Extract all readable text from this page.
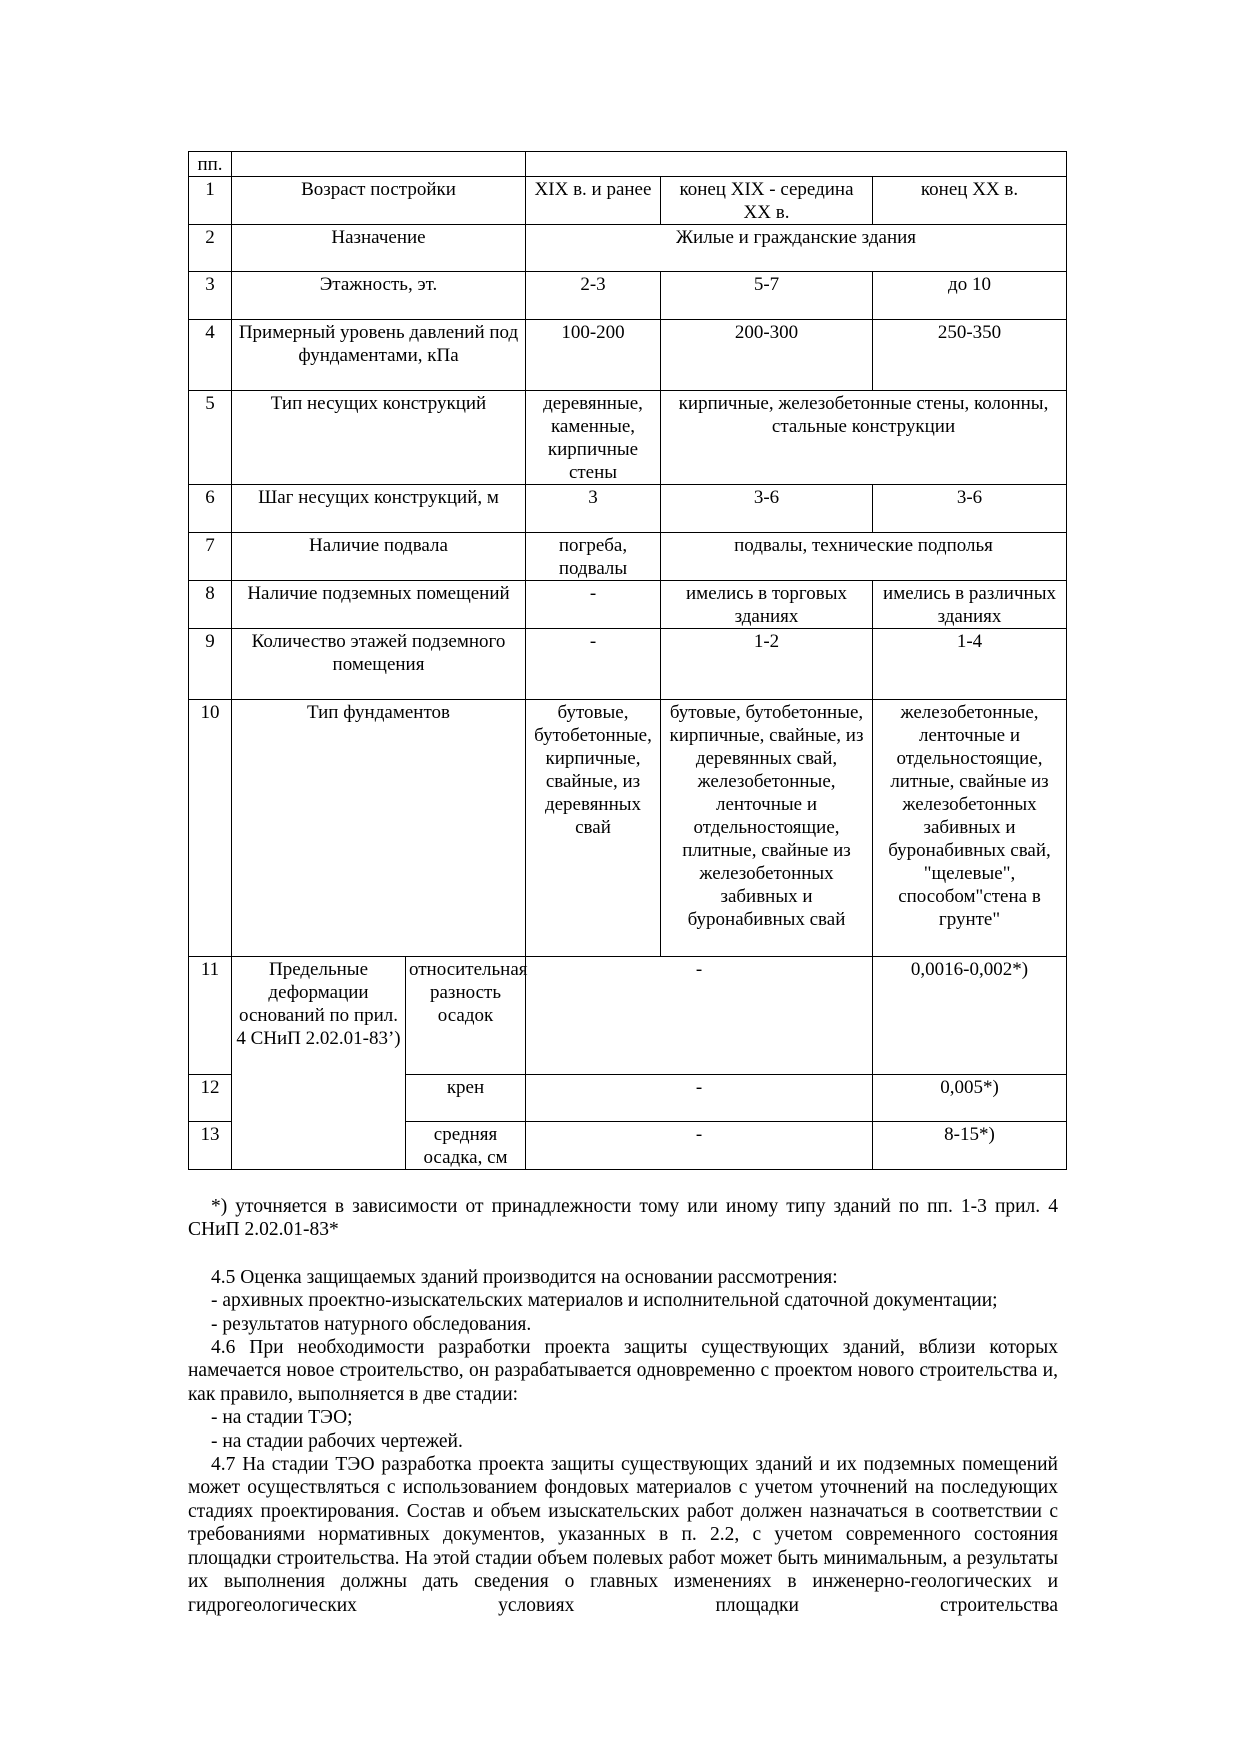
пп.					
1	Возраст постройки		XIX в. и ранее	конец XIX - середина XX в.	конец XX в.
2	Назначение		Жилые и гражданские здания		
3	Этажность, эт.		2-3	5-7	до 10
4	Примерный уровень давлений под фундаментами, кПа		100-200	200-300	250-350
5	Тип несущих конструкций		деревянные, каменные, кирпичные стены	кирпичные, железобетонные стены, колонны, стальные конструкции	
6	Шаг несущих конструкций, м		3	3-6	3-6
7	Наличие подвала		погреба, подвалы	подвалы, технические подполья	
8	Наличие подземных помещений		-	имелись в торговых зданиях	имелись в различных зданиях
9	Количество этажей подземного помещения		-	1-2	1-4
10	Тип фундаментов		бутовые, бутобетонные, кирпичные, свайные, из деревянных свай	бутовые, бутобетонные, кирпичные, свайные, из деревянных свай, железобетонные, ленточные и отдельностоящие, плитные, свайные из железобетонных забивных и буронабивных свай	железобетонные, ленточные и отдельностоящие, литные, свайные из железобетонных забивных и буронабивных свай, "щелевые", способом"стена в грунте"
11	Предельные деформации оснований по прил. 4 СНиП 2.02.01-83’)	относительная разность осадок	-		0,0016-0,002*)
12		крен	-		0,005*)
13		средняя осадка, см	-		8-15*)

*) уточняется в зависимости от принадлежности тому или иному типу зданий по пп. 1-3 прил. 4 СНиП 2.02.01-83*

4.5 Оценка защищаемых зданий производится на основании рассмотрения:

- архивных проектно-изыскательских материалов и исполнительной сдаточной документации;

- результатов натурного обследования.

4.6 При необходимости разработки проекта защиты существующих зданий, вблизи которых намечается новое строительство, он разрабатывается одновременно с проектом нового строительства и, как правило, выполняется в две стадии:

- на стадии ТЭО;

- на стадии рабочих чертежей.

4.7 На стадии ТЭО разработка проекта защиты существующих зданий и их подземных помещений может осуществляться с использованием фондовых материалов с учетом уточнений на последующих стадиях проектирования. Состав и объем изыскательских работ должен назначаться в соответствии с требованиями нормативных документов, указанных в п. 2.2, с учетом современного состояния площадки строительства. На этой стадии объем полевых работ может быть минимальным, а результаты их выполнения должны дать сведения о главных изменениях в инженерно-геологических и гидрогеологических условиях площадки строительства
